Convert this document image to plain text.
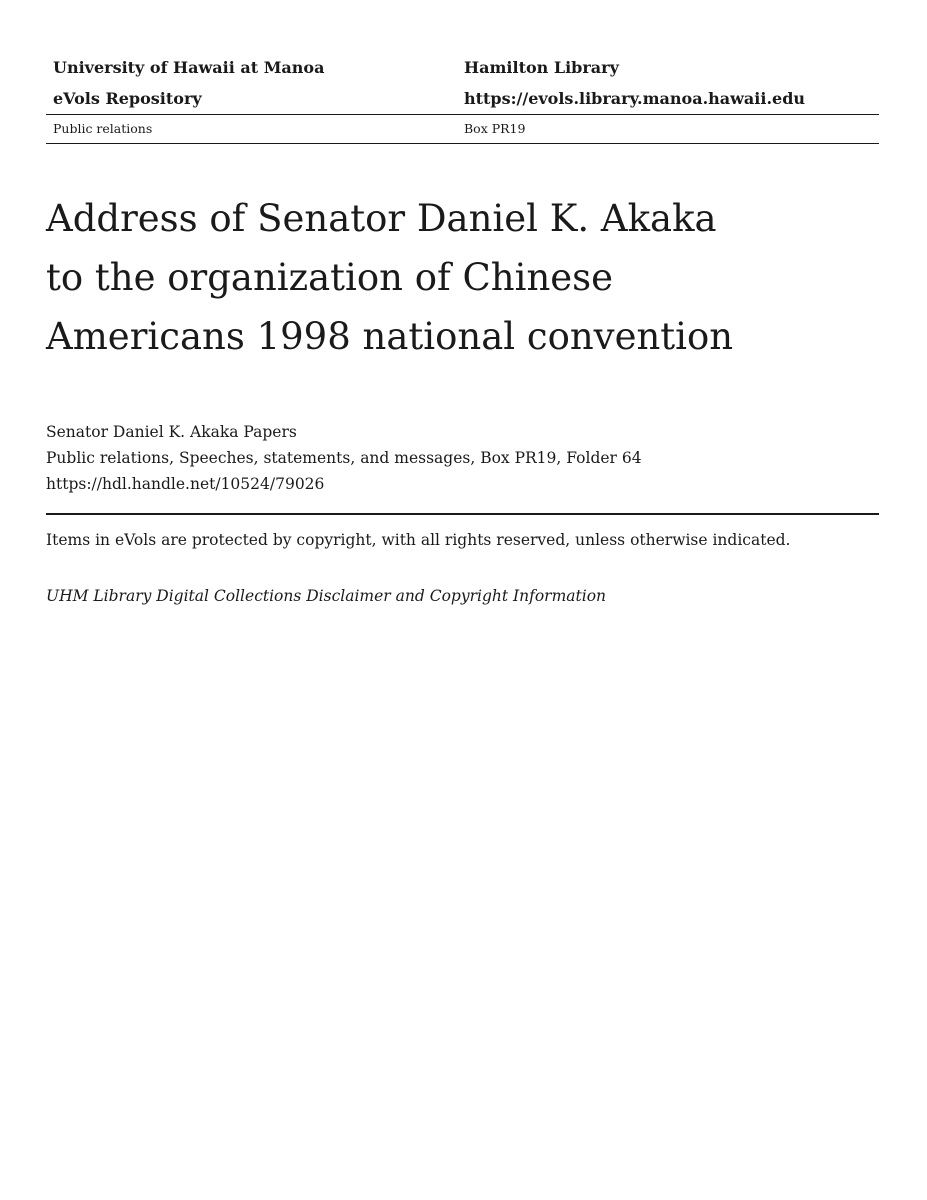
University of Hawaii at Manoa	Hamilton Library
eVols Repository	https://evols.library.manoa.hawaii.edu
Public relations	Box PR19
Address of Senator Daniel K. Akaka
to the organization of Chinese
Americans 1998 national convention
Senator Daniel K. Akaka Papers
Public relations, Speeches, statements, and messages, Box PR19, Folder 64
https://hdl.handle.net/10524/79026
Items in eVols are protected by copyright, with all rights reserved, unless otherwise indicated.
UHM Library Digital Collections Disclaimer and Copyright Information
